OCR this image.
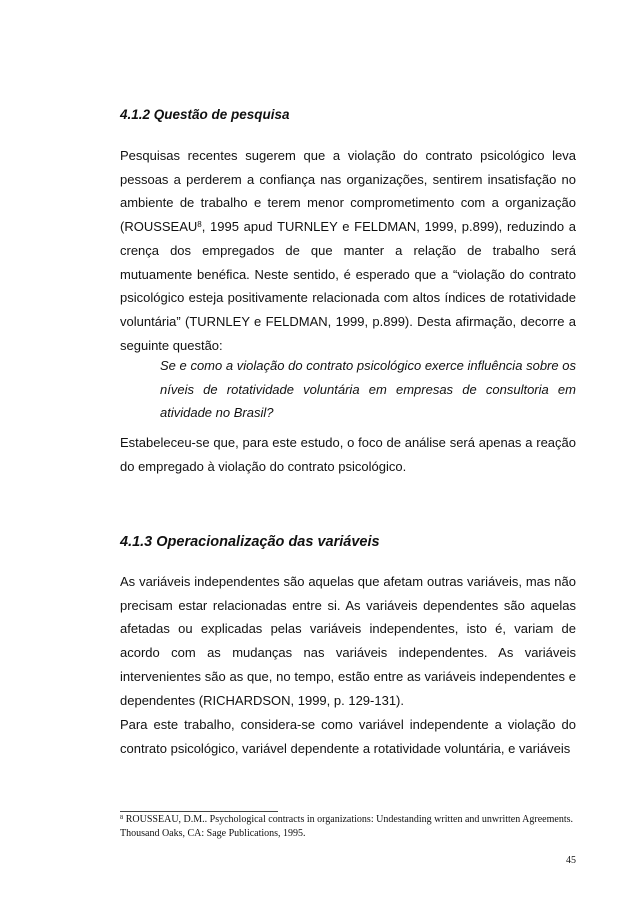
4.1.2 Questão de pesquisa

Pesquisas recentes sugerem que a violação do contrato psicológico leva pessoas a perderem a confiança nas organizações, sentirem insatisfação no ambiente de trabalho e terem menor comprometimento com a organização (ROUSSEAU$^8$, 1995 apud TURNLEY e FELDMAN, 1999, p.899), reduzindo a crença dos empregados de que manter a relação de trabalho será mutuamente benéfica. Neste sentido, é esperado que a “violação do contrato psicológico esteja positivamente relacionada com altos índices de rotatividade voluntária” (TURNLEY e FELDMAN, 1999, p.899). Desta afirmação, decorre a seguinte questão:

Se e como a violação do contrato psicológico exerce influência sobre os níveis de rotatividade voluntária em empresas de consultoria em atividade no Brasil?

Estabeleceu-se que, para este estudo, o foco de análise será apenas a reação do empregado à violação do contrato psicológico.

4.1.3 Operacionalização das variáveis

As variáveis independentes são aquelas que afetam outras variáveis, mas não precisam estar relacionadas entre si. As variáveis dependentes são aquelas afetadas ou explicadas pelas variáveis independentes, isto é, variam de acordo com as mudanças nas variáveis independentes. As variáveis intervenientes são as que, no tempo, estão entre as variáveis independentes e dependentes (RICHARDSON, 1999, p. 129-131).

Para este trabalho, considera-se como variável independente a violação do contrato psicológico, variável dependente a rotatividade voluntária, e variáveis

$^8$ ROUSSEAU, D.M.. Psychological contracts in organizations: Undestanding written and unwritten Agreements. Thousand Oaks, CA: Sage Publications, 1995.

45
